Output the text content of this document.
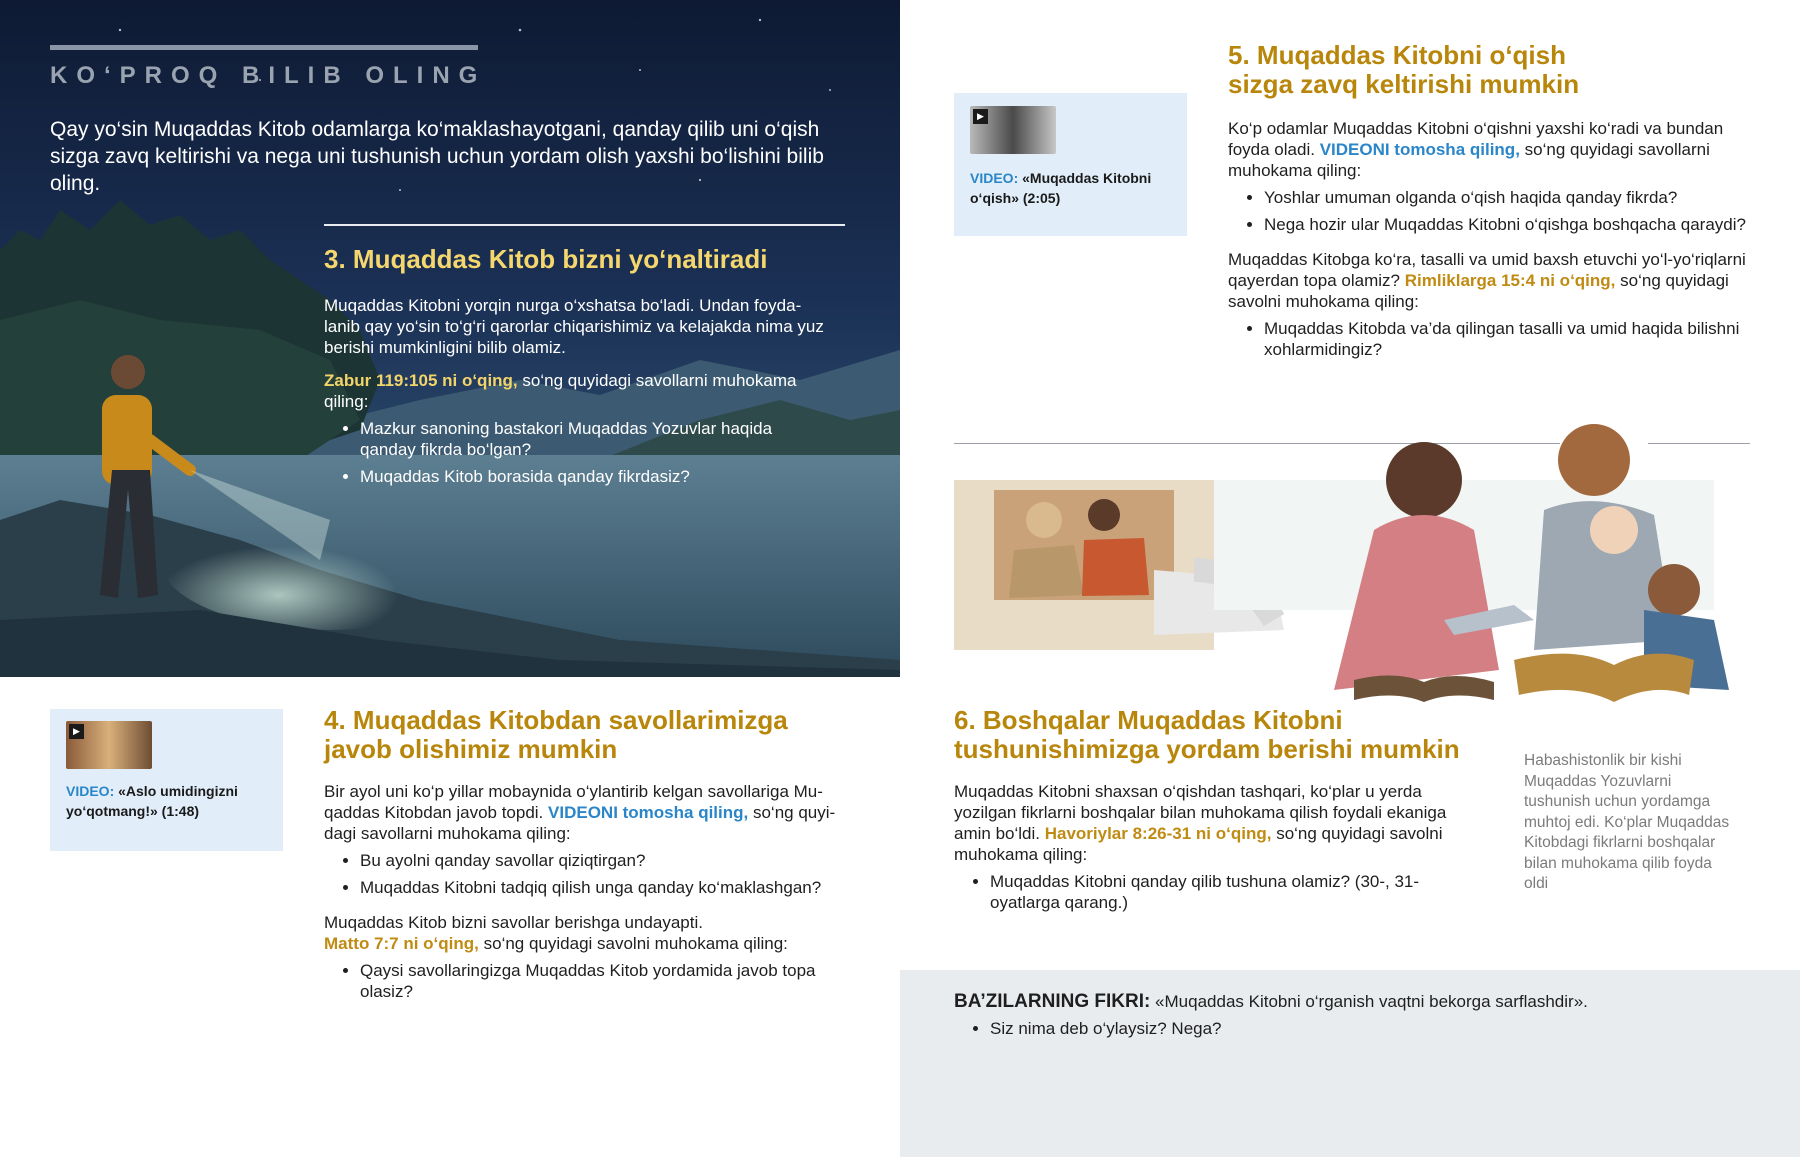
KO‘PROQ BILIB OLING
Qay yo‘sin Muqaddas Kitob odamlarga ko‘maklashayotgani, qanday qilib uni o‘qish sizga zavq keltirishi va nega uni tushunish uchun yordam olish yaxshi bo‘lishini bilib oling.
3. Muqaddas Kitob bizni yo‘naltiradi

Muqaddas Kitobni yorqin nurga o‘xshatsa bo‘ladi. Undan foydalanib qay yo‘sin to‘g‘ri qarorlar chiqarishimiz va kelajakda nima yuz berishi mumkinligini bilib olamiz.

Zabur 119:105 ni o‘qing, so‘ng quyidagi savollarni muhokama qiling:

• Mazkur sanoning bastakori Muqaddas Yozuvlar haqida qanday fikrda bo‘lgan?
• Muqaddas Kitob borasida qanday fikrdasiz?
▶
VIDEO: «Aslo umidingizni yo‘qotmang!» (1:48)
4. Muqaddas Kitobdan savollarimizga javob olishimiz mumkin

Bir ayol uni ko‘p yillar mobaynida o‘ylantirib kelgan savollariga Muqaddas Kitobdan javob topdi. VIDEONI tomosha qiling, so‘ng quyidagi savollarni muhokama qiling:

• Bu ayolni qanday savollar qiziqtirgan?
• Muqaddas Kitobni tadqiq qilish unga qanday ko‘maklashgan?

Muqaddas Kitob bizni savollar berishga undayapti.

Matto 7:7 ni o‘qing, so‘ng quyidagi savolni muhokama qiling:

• Qaysi savollaringizga Muqaddas Kitob yordamida javob topa olasiz?
▶
VIDEO: «Muqaddas Kitobni o‘qish» (2:05)
5. Muqaddas Kitobni o‘qish sizga zavq keltirishi mumkin

Ko‘p odamlar Muqaddas Kitobni o‘qishni yaxshi ko‘radi va bundan foyda oladi. VIDEONI tomosha qiling, so‘ng quyidagi savollarni muhokama qiling:

• Yoshlar umuman olganda o‘qish haqida qanday fikrda?
• Nega hozir ular Muqaddas Kitobni o‘qishga boshqacha qaraydi?

Muqaddas Kitobga ko‘ra, tasalli va umid baxsh etuvchi yo‘l-yo‘riqlarni qayerdan topa olamiz? Rimliklarga 15:4 ni o‘qing, so‘ng quyidagi savolni muhokama qiling:

• Muqaddas Kitobda va’da qilingan tasalli va umid haqida bilishni xohlarmidingiz?
6. Boshqalar Muqaddas Kitobni tushunishimizga yordam berishi mumkin

Muqaddas Kitobni shaxsan o‘qishdan tashqari, ko‘plar u yerda yozilgan fikrlarni boshqalar bilan muhokama qilish foydali ekaniga amin bo‘ldi. Havoriylar 8:26-31 ni o‘qing, so‘ng quyidagi savolni muhokama qiling:

• Muqaddas Kitobni qanday qilib tushuna olamiz? (30-, 31-oyatlarga qarang.)
Habashistonlik bir kishi Muqaddas Yozuvlarni tushunish uchun yordamga muhtoj edi. Ko‘plar Muqaddas Kitobdagi fikrlarni boshqalar bilan muhokama qilib foyda oldi

BA’ZILARNING FIKRI: «Muqaddas Kitobni o‘rganish vaqtni bekorga sarflashdir».

• Siz nima deb o‘ylaysiz? Nega?
